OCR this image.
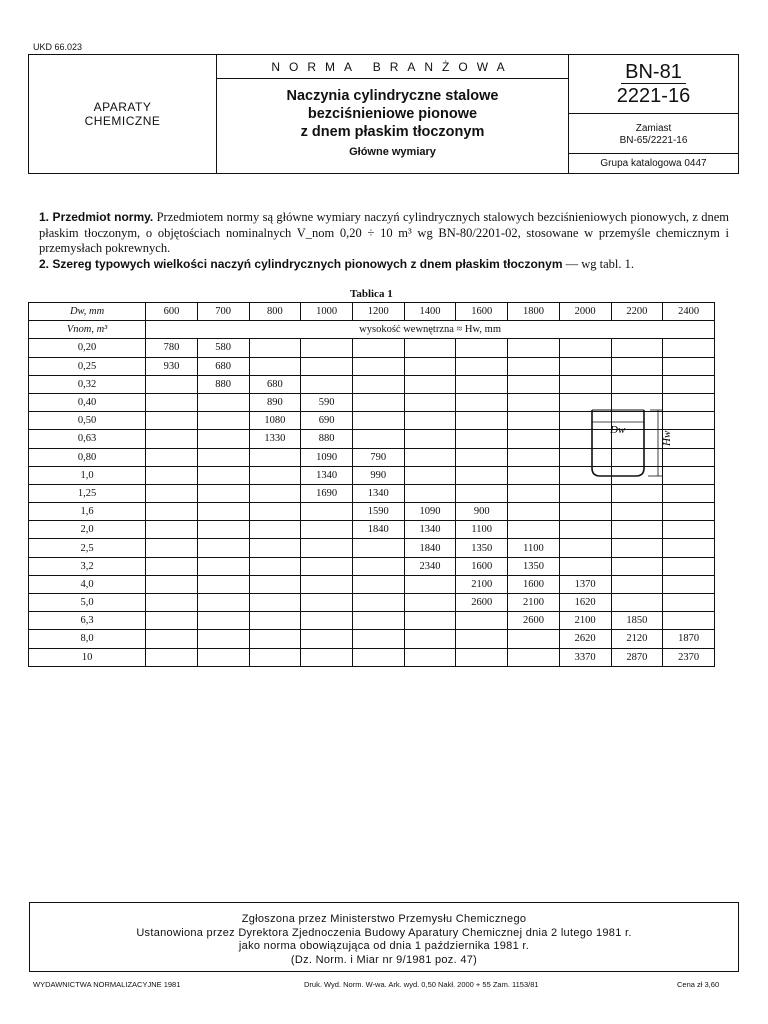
UKD 66.023
APARATY
CHEMICZNE
NORMA BRANŻOWA
Naczynia cylindryczne stalowe
bezciśnieniowe pionowe
z dnem płaskim tłoczonym
Główne wymiary
BN-81
2221-16
Zamiast
BN-65/2221-16
Grupa katalogowa 0447
1. Przedmiot normy. Przedmiotem normy są główne wymiary naczyń cylindrycznych stalowych bezciśnieniowych pionowych, z dnem płaskim tłoczonym, o objętościach nominalnych V_nom 0,20 ÷ 10 m³ wg BN-80/2201-02, stosowane w przemyśle chemicznym i przemysłach pokrewnych.
2. Szereg typowych wielkości naczyń cylindrycznych pionowych z dnem płaskim tłoczonym — wg tabl. 1.
Tablica 1
Dw, mm	600	700	800	1000	1200	1400	1600	1800	2000	2200	2400
Vnom, m³	wysokość wewnętrzna ≈ Hw, mm										
0,20	780	580									
0,25	930	680									
0,32		880	680								
0,40			890	590							
0,50			1080	690							
0,63			1330	880							
0,80				1090	790						
1,0				1340	990						
1,25				1690	1340						
1,6					1590	1090	900				
2,0					1840	1340	1100				
2,5						1840	1350	1100			
3,2						2340	1600	1350			
4,0							2100	1600	1370		
5,0							2600	2100	1620		
6,3								2600	2100	1850	
8,0									2620	2120	1870
10									3370	2870	2370
Dw
Hw
Zgłoszona przez Ministerstwo Przemysłu Chemicznego
Ustanowiona przez Dyrektora Zjednoczenia Budowy Aparatury Chemicznej dnia 2 lutego 1981 r.
jako norma obowiązująca od dnia 1 października 1981 r.
(Dz. Norm. i Miar nr 9/1981 poz. 47)
WYDAWNICTWA NORMALIZACYJNE 1981	Druk. Wyd. Norm. W-wa. Ark. wyd. 0,50 Nakł. 2000 + 55 Zam. 1153/81	Cena zł 3,60
